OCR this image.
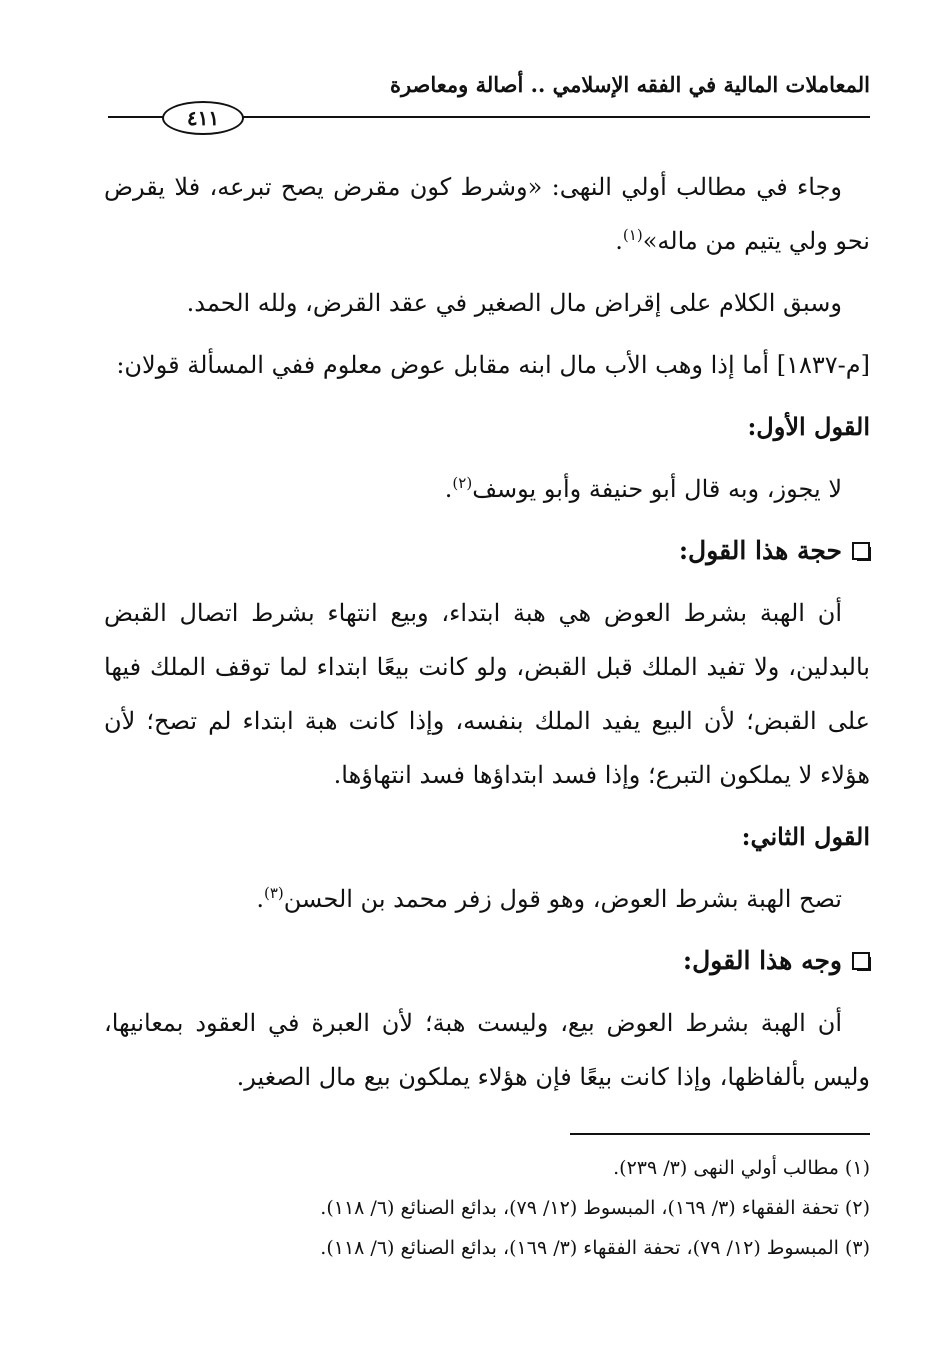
المعاملات المالية في الفقه الإسلامي .. أصالة ومعاصرة
٤١١

وجاء في مطالب أولي النهى: «وشرط كون مقرض يصح تبرعه، فلا يقرض نحو ولي يتيم من ماله»$^{(١)}$.

وسبق الكلام على إقراض مال الصغير في عقد القرض، ولله الحمد.

[م-١٨٣٧] أما إذا وهب الأب مال ابنه مقابل عوض معلوم ففي المسألة قولان:

القول الأول:

لا يجوز، وبه قال أبو حنيفة وأبو يوسف$^{(٢)}$.

حجة هذا القول:

أن الهبة بشرط العوض هي هبة ابتداء، وبيع انتهاء بشرط اتصال القبض بالبدلين، ولا تفيد الملك قبل القبض، ولو كانت بيعًا ابتداء لما توقف الملك فيها على القبض؛ لأن البيع يفيد الملك بنفسه، وإذا كانت هبة ابتداء لم تصح؛ لأن هؤلاء لا يملكون التبرع؛ وإذا فسد ابتداؤها فسد انتهاؤها.

القول الثاني:

تصح الهبة بشرط العوض، وهو قول زفر محمد بن الحسن$^{(٣)}$.

وجه هذا القول:

أن الهبة بشرط العوض بيع، وليست هبة؛ لأن العبرة في العقود بمعانيها، وليس بألفاظها، وإذا كانت بيعًا فإن هؤلاء يملكون بيع مال الصغير.

(١) مطالب أولي النهى (٣/ ٢٣٩).
(٢) تحفة الفقهاء (٣/ ١٦٩)، المبسوط (١٢/ ٧٩)، بدائع الصنائع (٦/ ١١٨).
(٣) المبسوط (١٢/ ٧٩)، تحفة الفقهاء (٣/ ١٦٩)، بدائع الصنائع (٦/ ١١٨).
